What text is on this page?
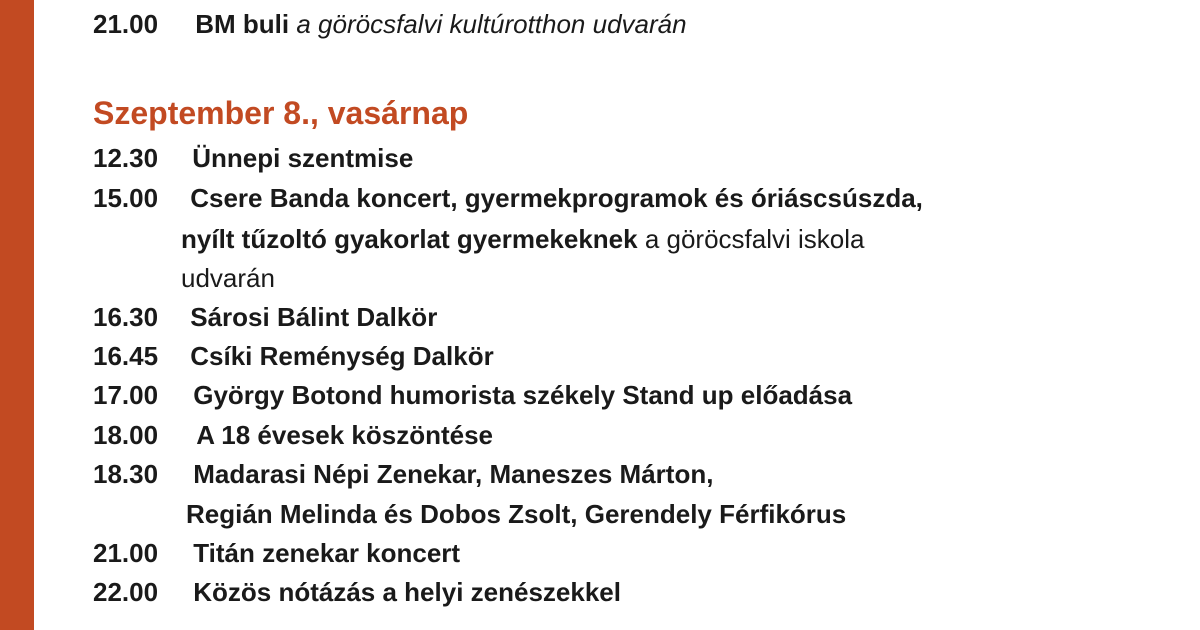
21.00 BM buli a göröcsfalvi kultúrotthon udvarán
Szeptember 8., vasárnap
12.30 Ünnepi szentmise
15.00 Csere Banda koncert, gyermekprogramok és óriáscsúszda,
nyílt tűzoltó gyakorlat gyermekeknek a göröcsfalvi iskola
udvarán
16.30 Sárosi Bálint Dalkör
16.45 Csíki Reménység Dalkör
17.00 György Botond humorista székely Stand up előadása
18.00 A 18 évesek köszöntése
18.30 Madarasi Népi Zenekar, Maneszes Márton,
Regián Melinda és Dobos Zsolt, Gerendely Férfikórus
21.00 Titán zenekar koncert
22.00 Közös nótázás a helyi zenészekkel
